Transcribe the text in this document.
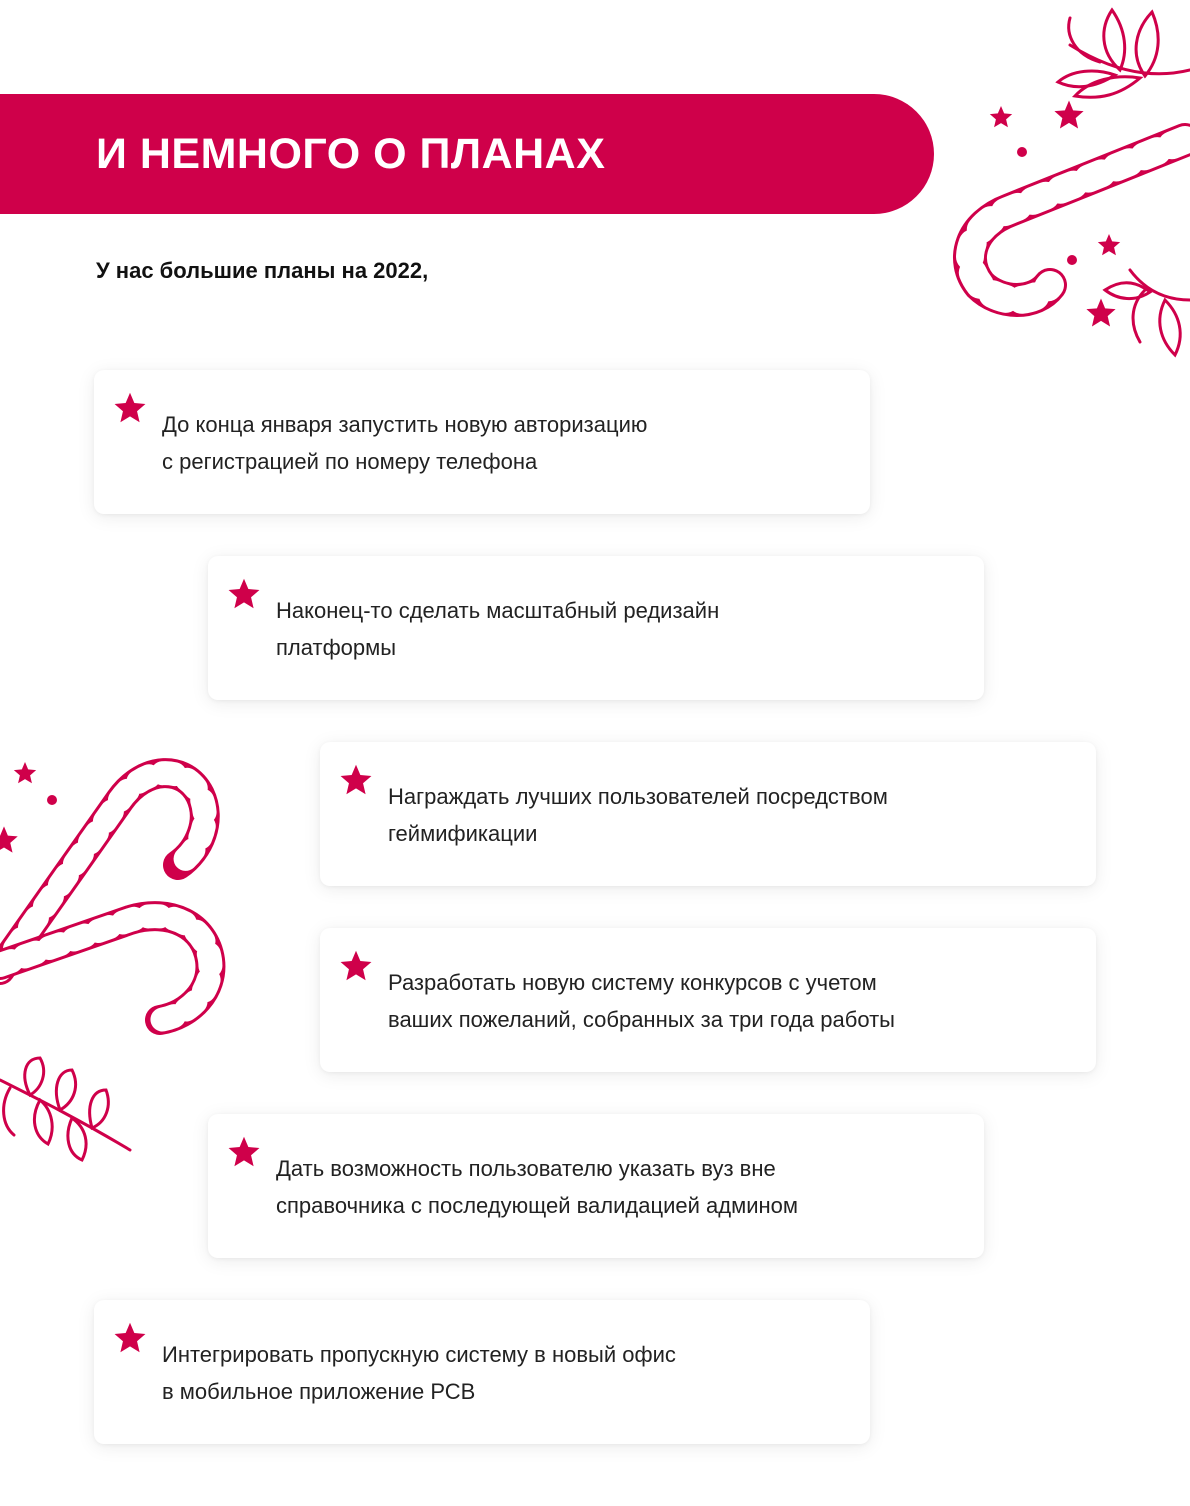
И НЕМНОГО О ПЛАНАХ

У нас большие планы на 2022,

До конца января запустить новую авторизацию
с регистрацией по номеру телефона
Наконец-то сделать масштабный редизайн
платформы
Награждать лучших пользователей посредством
геймификации
Разработать новую систему конкурсов с учетом
ваших пожеланий, собранных за три года работы
Дать возможность пользователю указать вуз вне
справочника с последующей валидацией админом
Интегрировать пропускную систему в новый офис
в мобильное приложение РСВ
